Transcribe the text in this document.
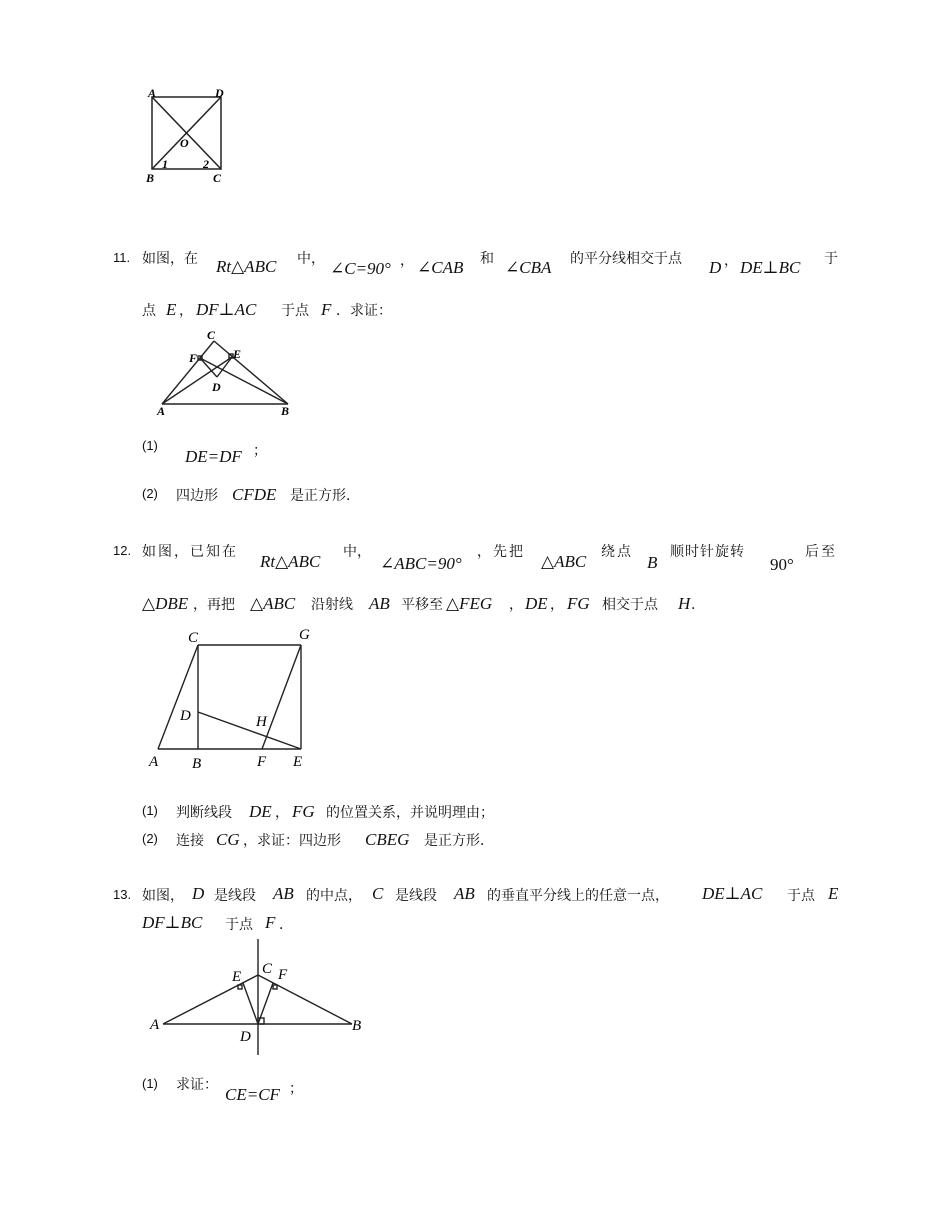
A	D
B	C
O
1	2
11. 如图，在 Rt△ABC 中， ∠C=90° ， ∠CAB 和 ∠CBA 的平分线相交于点 D ， DE⊥BC 于
点 E ， DF⊥AC 于点 F ．求证：
C
F	E
D
A	B
(1)
DE=DF ；
(2) 四边形 CFDE 是正方形．
12. 如图，已知在 Rt△ABC 中，
∠ABC=90°
，先把 △ABC 绕点
B
顺时针旋转
90°
后至
△DBE ，再把 △ABC 沿射线 AB 平移至 △FEG ， DE ， FG 相交于点 H ．
C	G
D	H
A B	F E
(1) 判断线段 DE ， FG 的位置关系，并说明理由；
(2) 连接 CG ，求证：四边形 CBEG 是正方形．
13. 如图， D 是线段 AB 的中点， C 是线段 AB 的垂直平分线上的任意一点， DE⊥AC 于点 E
DF⊥BC 于点 F ．
C
E F
A	B
D
(1) 求证： CE=CF ；
